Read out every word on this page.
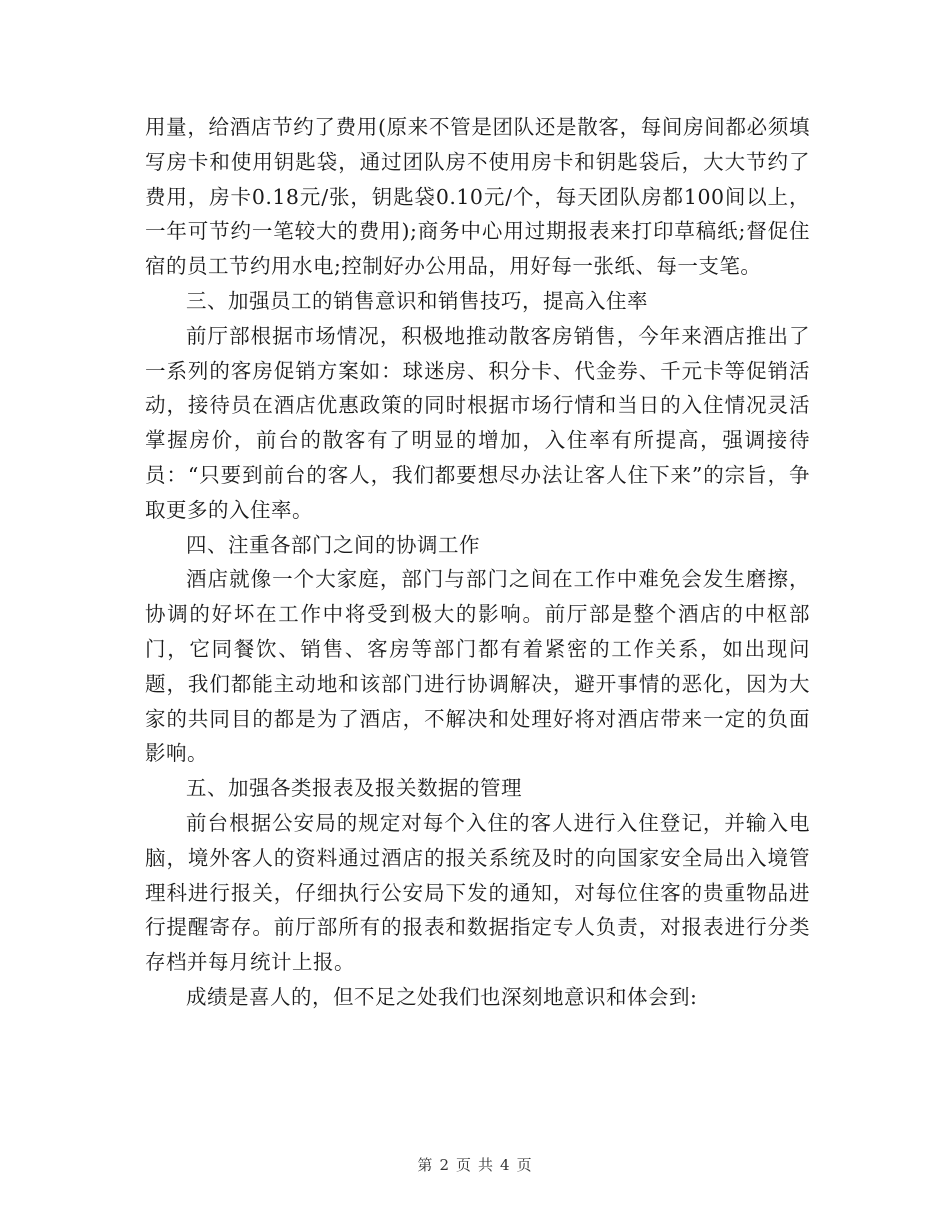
用量，给酒店节约了费用(原来不管是团队还是散客，每间房间都必须填写房卡和使用钥匙袋，通过团队房不使用房卡和钥匙袋后，大大节约了费用，房卡0.18元/张，钥匙袋0.10元/个，每天团队房都100间以上，一年可节约一笔较大的费用);商务中心用过期报表来打印草稿纸;督促住宿的员工节约用水电;控制好办公用品，用好每一张纸、每一支笔。

三、加强员工的销售意识和销售技巧，提高入住率

前厅部根据市场情况，积极地推动散客房销售，今年来酒店推出了一系列的客房促销方案如：球迷房、积分卡、代金券、千元卡等促销活动，接待员在酒店优惠政策的同时根据市场行情和当日的入住情况灵活掌握房价，前台的散客有了明显的增加，入住率有所提高，强调接待员：“只要到前台的客人，我们都要想尽办法让客人住下来”的宗旨，争取更多的入住率。

四、注重各部门之间的协调工作

酒店就像一个大家庭，部门与部门之间在工作中难免会发生磨擦，协调的好坏在工作中将受到极大的影响。前厅部是整个酒店的中枢部门，它同餐饮、销售、客房等部门都有着紧密的工作关系，如出现问题，我们都能主动地和该部门进行协调解决，避开事情的恶化，因为大家的共同目的都是为了酒店，不解决和处理好将对酒店带来一定的负面影响。

五、加强各类报表及报关数据的管理

前台根据公安局的规定对每个入住的客人进行入住登记，并输入电脑，境外客人的资料通过酒店的报关系统及时的向国家安全局出入境管理科进行报关，仔细执行公安局下发的通知，对每位住客的贵重物品进行提醒寄存。前厅部所有的报表和数据指定专人负责，对报表进行分类存档并每月统计上报。

成绩是喜人的，但不足之处我们也深刻地意识和体会到:

第 2 页 共 4 页
